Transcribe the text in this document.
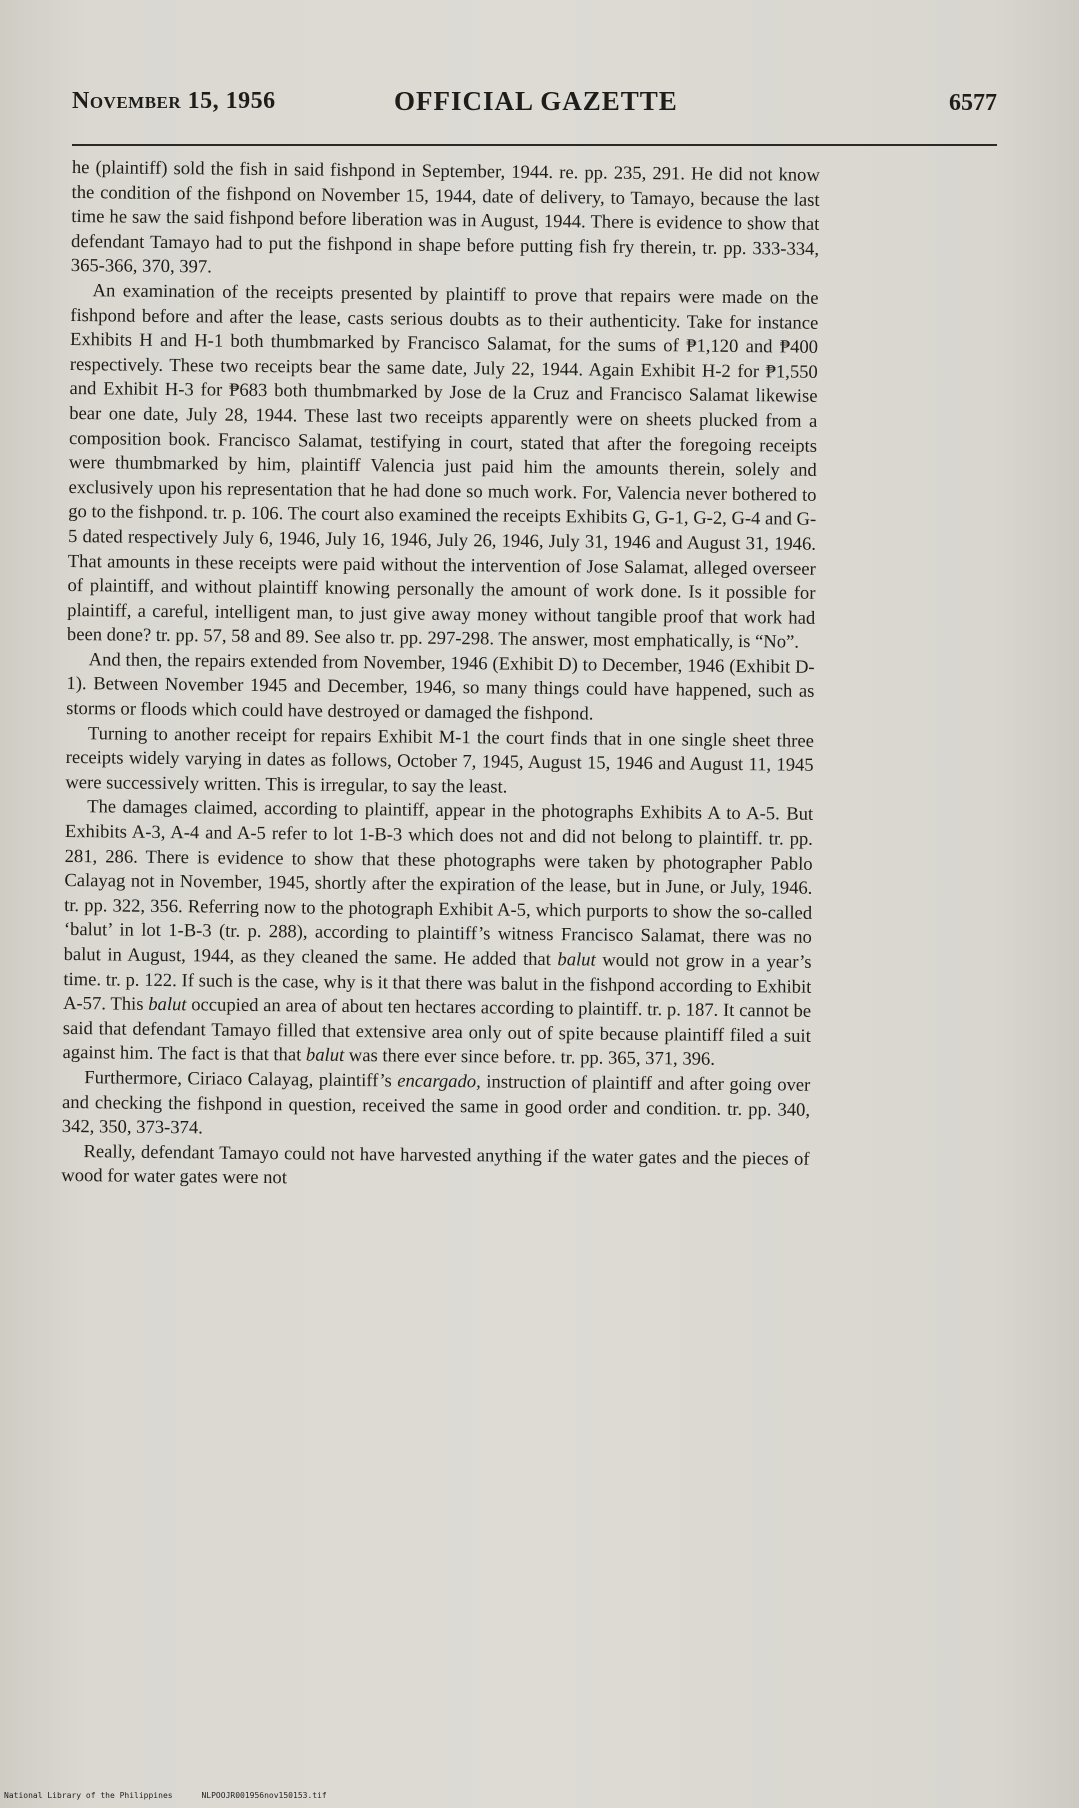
November 15, 1956	OFFICIAL GAZETTE	6577

he (plaintiff) sold the fish in said fishpond in September, 1944. re. pp. 235, 291. He did not know the condition of the fishpond on November 15, 1944, date of delivery, to Tamayo, because the last time he saw the said fishpond before liberation was in August, 1944. There is evidence to show that defendant Tamayo had to put the fishpond in shape before putting fish fry therein, tr. pp. 333-334, 365-366, 370, 397.

An examination of the receipts presented by plaintiff to prove that repairs were made on the fishpond before and after the lease, casts serious doubts as to their authenticity. Take for instance Exhibits H and H-1 both thumbmarked by Francisco Salamat, for the sums of ₱1,120 and ₱400 respectively. These two receipts bear the same date, July 22, 1944. Again Exhibit H-2 for ₱1,550 and Exhibit H-3 for ₱683 both thumbmarked by Jose de la Cruz and Francisco Salamat likewise bear one date, July 28, 1944. These last two receipts apparently were on sheets plucked from a composition book. Francisco Salamat, testifying in court, stated that after the foregoing receipts were thumbmarked by him, plaintiff Valencia just paid him the amounts therein, solely and exclusively upon his representation that he had done so much work. For, Valencia never bothered to go to the fishpond. tr. p. 106. The court also examined the receipts Exhibits G, G-1, G-2, G-4 and G-5 dated respectively July 6, 1946, July 16, 1946, July 26, 1946, July 31, 1946 and August 31, 1946. That amounts in these receipts were paid without the intervention of Jose Salamat, alleged overseer of plaintiff, and without plaintiff knowing personally the amount of work done. Is it possible for plaintiff, a careful, intelligent man, to just give away money without tangible proof that work had been done? tr. pp. 57, 58 and 89. See also tr. pp. 297-298. The answer, most emphatically, is “No”.

And then, the repairs extended from November, 1946 (Exhibit D) to December, 1946 (Exhibit D-1). Between November 1945 and December, 1946, so many things could have happened, such as storms or floods which could have destroyed or damaged the fishpond.

Turning to another receipt for repairs Exhibit M-1 the court finds that in one single sheet three receipts widely varying in dates as follows, October 7, 1945, August 15, 1946 and August 11, 1945 were successively written. This is irregular, to say the least.

The damages claimed, according to plaintiff, appear in the photographs Exhibits A to A-5. But Exhibits A-3, A-4 and A-5 refer to lot 1-B-3 which does not and did not belong to plaintiff. tr. pp. 281, 286. There is evidence to show that these photographs were taken by photographer Pablo Calayag not in November, 1945, shortly after the expiration of the lease, but in June, or July, 1946. tr. pp. 322, 356. Referring now to the photograph Exhibit A-5, which purports to show the so-called ‘balut’ in lot 1-B-3 (tr. p. 288), according to plaintiff’s witness Francisco Salamat, there was no balut in August, 1944, as they cleaned the same. He added that balut would not grow in a year’s time. tr. p. 122. If such is the case, why is it that there was balut in the fishpond according to Exhibit A-57. This balut occupied an area of about ten hectares according to plaintiff. tr. p. 187. It cannot be said that defendant Tamayo filled that extensive area only out of spite because plaintiff filed a suit against him. The fact is that that balut was there ever since before. tr. pp. 365, 371, 396.

Furthermore, Ciriaco Calayag, plaintiff’s encargado, instruction of plaintiff and after going over and checking the fishpond in question, received the same in good order and condition. tr. pp. 340, 342, 350, 373-374.

Really, defendant Tamayo could not have harvested anything if the water gates and the pieces of wood for water gates were not

National Library of the Philippines	NLPOOJR001956nov150153.tif
